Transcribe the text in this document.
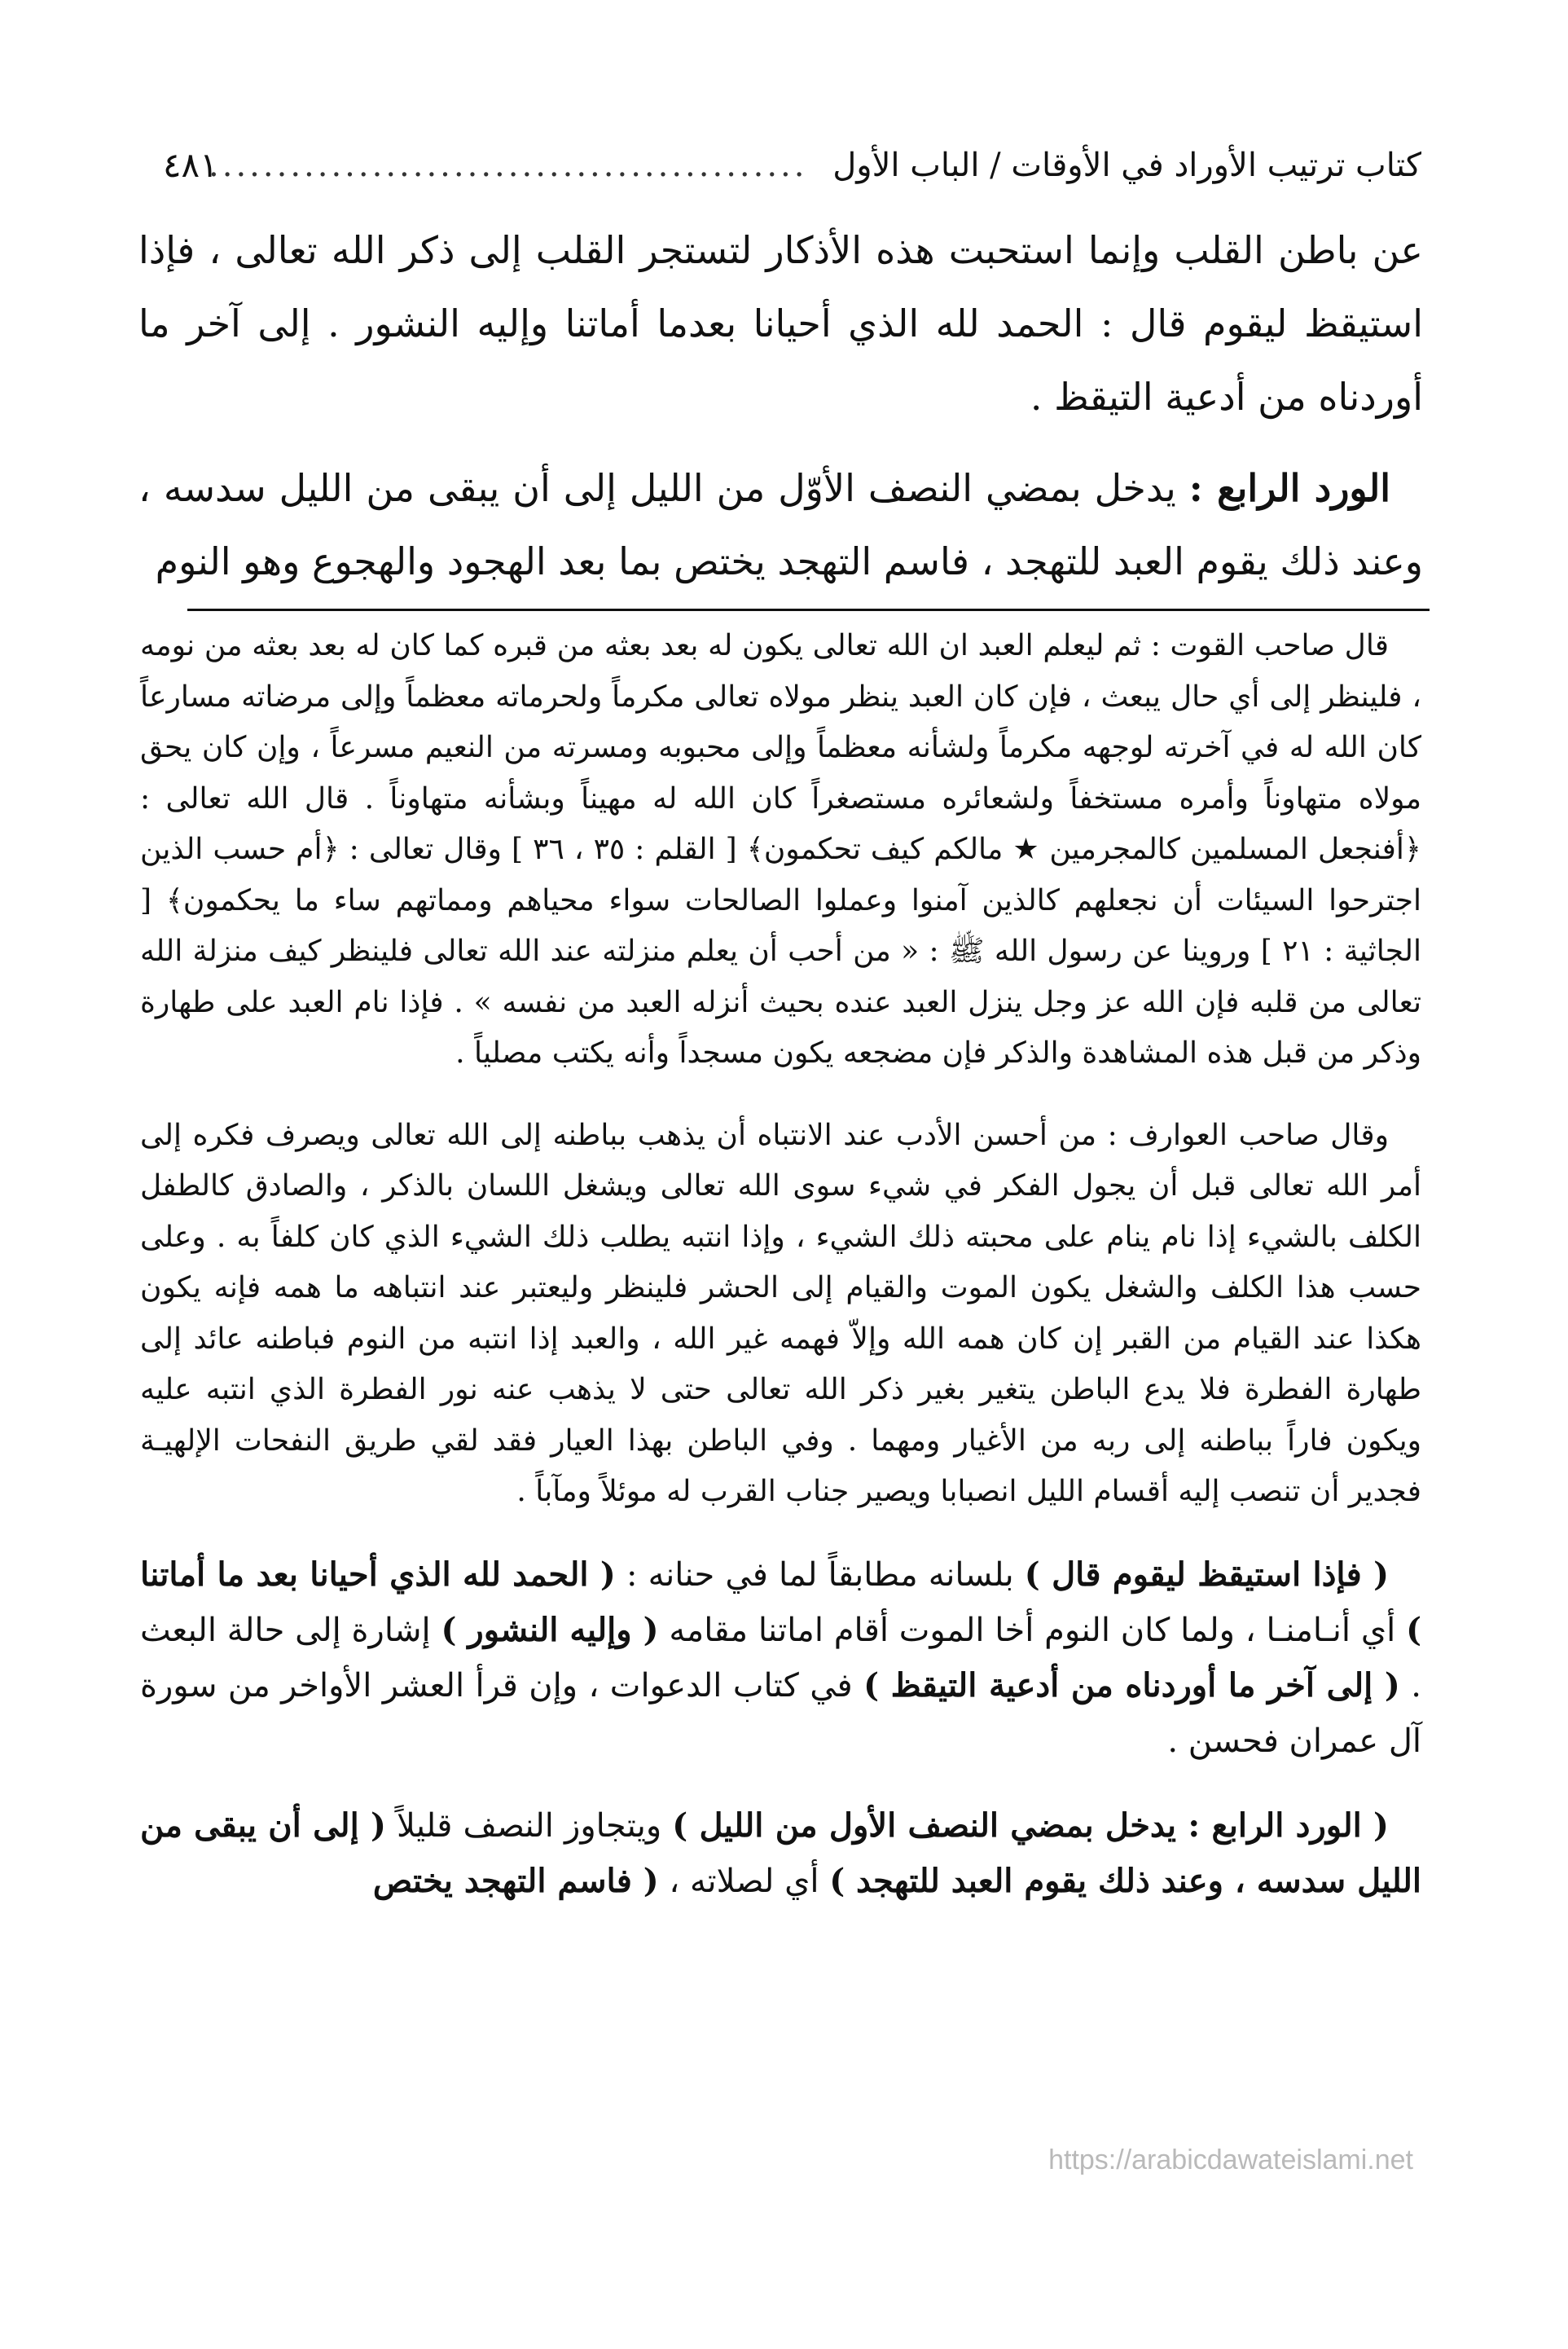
كتاب ترتيب الأوراد في الأوقات / الباب الأول ............................................
٤٨١

عن باطن القلب وإنما استحبت هذه الأذكار لتستجر القلب إلى ذكر الله تعالى ، فإذا استيقظ ليقوم قال : الحمد لله الذي أحيانا بعدما أماتنا وإليه النشور . إلى آخر ما أوردناه من أدعية التيقظ .

الورد الرابع : يدخل بمضي النصف الأوّل من الليل إلى أن يبقى من الليل سدسه ، وعند ذلك يقوم العبد للتهجد ، فاسم التهجد يختص بما بعد الهجود والهجوع وهو النوم

قال صاحب القوت : ثم ليعلم العبد ان الله تعالى يكون له بعد بعثه من قبره كما كان له بعد بعثه من نومه ، فلينظر إلى أي حال يبعث ، فإن كان العبد ينظر مولاه تعالى مكرماً ولحرماته معظماً وإلى مرضاته مسارعاً كان الله له في آخرته لوجهه مكرماً ولشأنه معظماً وإلى محبوبه ومسرته من النعيم مسرعاً ، وإن كان يحق مولاه متهاوناً وأمره مستخفاً ولشعائره مستصغراً كان الله له مهيناً وبشأنه متهاوناً . قال الله تعالى : ﴿أفنجعل المسلمين كالمجرمين ★ مالكم كيف تحكمون﴾ [ القلم : ٣٥ ، ٣٦ ] وقال تعالى : ﴿أم حسب الذين اجترحوا السيئات أن نجعلهم كالذين آمنوا وعملوا الصالحات سواء محياهم ومماتهم ساء ما يحكمون﴾ [ الجاثية : ٢١ ] وروينا عن رسول الله ﷺ : « من أحب أن يعلم منزلته عند الله تعالى فلينظر كيف منزلة الله تعالى من قلبه فإن الله عز وجل ينزل العبد عنده بحيث أنزله العبد من نفسه » . فإذا نام العبد على طهارة وذكر من قبل هذه المشاهدة والذكر فإن مضجعه يكون مسجداً وأنه يكتب مصلياً .

وقال صاحب العوارف : من أحسن الأدب عند الانتباه أن يذهب بباطنه إلى الله تعالى ويصرف فكره إلى أمر الله تعالى قبل أن يجول الفكر في شيء سوى الله تعالى ويشغل اللسان بالذكر ، والصادق كالطفل الكلف بالشيء إذا نام ينام على محبته ذلك الشيء ، وإذا انتبه يطلب ذلك الشيء الذي كان كلفاً به . وعلى حسب هذا الكلف والشغل يكون الموت والقيام إلى الحشر فلينظر وليعتبر عند انتباهه ما همه فإنه يكون هكذا عند القيام من القبر إن كان همه الله وإلاّ فهمه غير الله ، والعبد إذا انتبه من النوم فباطنه عائد إلى طهارة الفطرة فلا يدع الباطن يتغير بغير ذكر الله تعالى حتى لا يذهب عنه نور الفطرة الذي انتبه عليه ويكون فاراً بباطنه إلى ربه من الأغيار ومهما . وفي الباطن بهذا العيار فقد لقي طريق النفحات الإلهيـة فجدير أن تنصب إليه أقسام الليل انصبابا ويصير جناب القرب له موئلاً ومآباً .

( فإذا استيقظ ليقوم قال ) بلسانه مطابقاً لما في حنانه : ( الحمد لله الذي أحيانا بعد ما أماتنا ) أي أنـامنـا ، ولما كان النوم أخا الموت أقام اماتنا مقامه ( وإليه النشور ) إشارة إلى حالة البعث . ( إلى آخر ما أوردناه من أدعية التيقظ ) في كتاب الدعوات ، وإن قرأ العشر الأواخر من سورة آل عمران فحسن .

( الورد الرابع : يدخل بمضي النصف الأول من الليل ) ويتجاوز النصف قليلاً ( إلى أن يبقى من الليل سدسه ، وعند ذلك يقوم العبد للتهجد ) أي لصلاته ، ( فاسم التهجد يختص

https://arabicdawateislami.net
